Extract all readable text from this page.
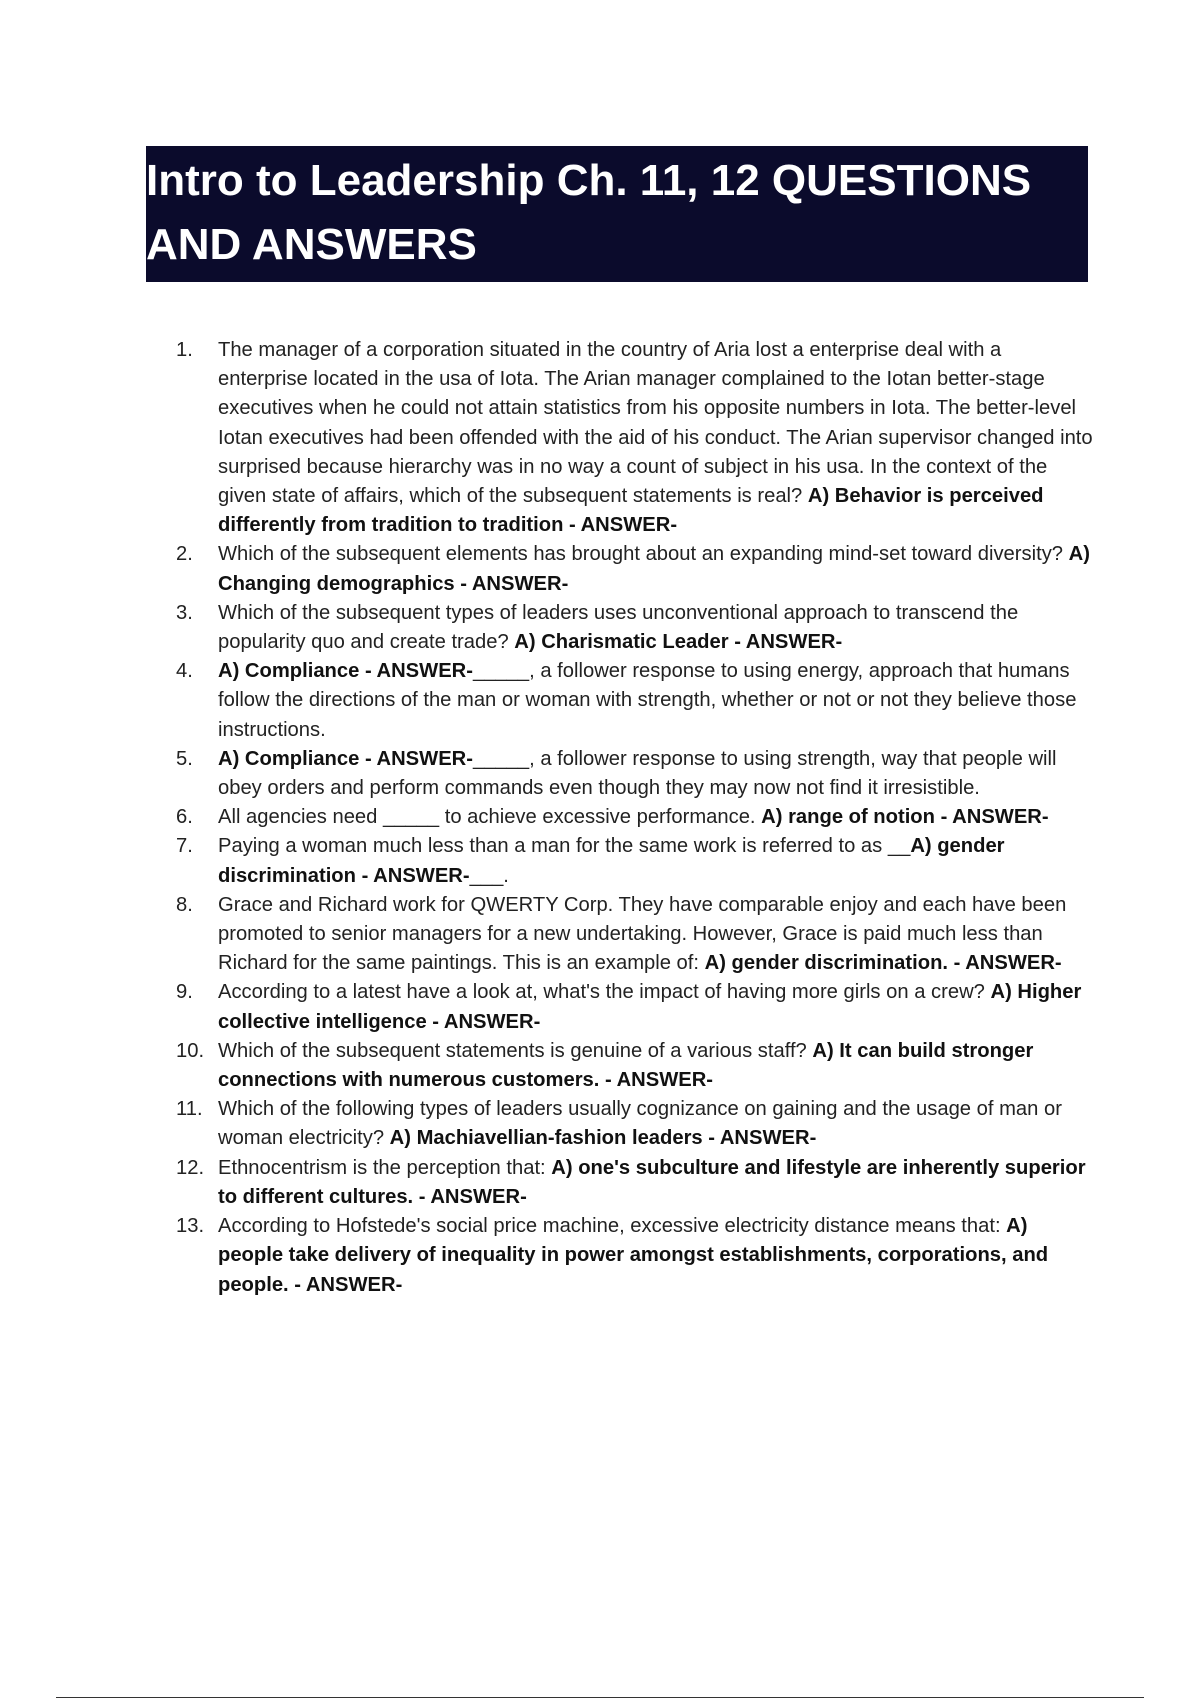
Intro to Leadership Ch. 11, 12 QUESTIONS
AND ANSWERS
1.	The manager of a corporation situated in the country of Aria lost a enterprise deal with a enterprise located in the usa of Iota. The Arian manager complained to the Iotan better-stage executives when he could not attain statistics from his opposite numbers in Iota. The better-level Iotan executives had been offended with the aid of his conduct. The Arian supervisor changed into surprised because hierarchy was in no way a count of subject in his usa. In the context of the given state of affairs, which of the subsequent statements is real? A) Behavior is perceived differently from tradition to tradition - ANSWER-
2.	Which of the subsequent elements has brought about an expanding mind-set toward diversity? A) Changing demographics - ANSWER-
3.	Which of the subsequent types of leaders uses unconventional approach to transcend the popularity quo and create trade? A) Charismatic Leader - ANSWER-
4.	A) Compliance - ANSWER-_____, a follower response to using energy, approach that humans follow the directions of the man or woman with strength, whether or not or not they believe those instructions.
5.	A) Compliance - ANSWER-_____, a follower response to using strength, way that people will obey orders and perform commands even though they may now not find it irresistible.
6.	All agencies need _____ to achieve excessive performance. A) range of notion - ANSWER-
7.	Paying a woman much less than a man for the same work is referred to as __A) gender discrimination - ANSWER-___.
8.	Grace and Richard work for QWERTY Corp. They have comparable enjoy and each have been promoted to senior managers for a new undertaking. However, Grace is paid much less than Richard for the same paintings. This is an example of: A) gender discrimination. - ANSWER-
9.	According to a latest have a look at, what's the impact of having more girls on a crew? A) Higher collective intelligence - ANSWER-
10. Which of the subsequent statements is genuine of a various staff? A) It can build stronger connections with numerous customers. - ANSWER-
11. Which of the following types of leaders usually cognizance on gaining and the usage of man or woman electricity? A) Machiavellian-fashion leaders - ANSWER-
12. Ethnocentrism is the perception that: A) one's subculture and lifestyle are inherently superior to different cultures. - ANSWER-
13. According to Hofstede's social price machine, excessive electricity distance means that: A) people take delivery of inequality in power amongst establishments, corporations, and people. - ANSWER-
